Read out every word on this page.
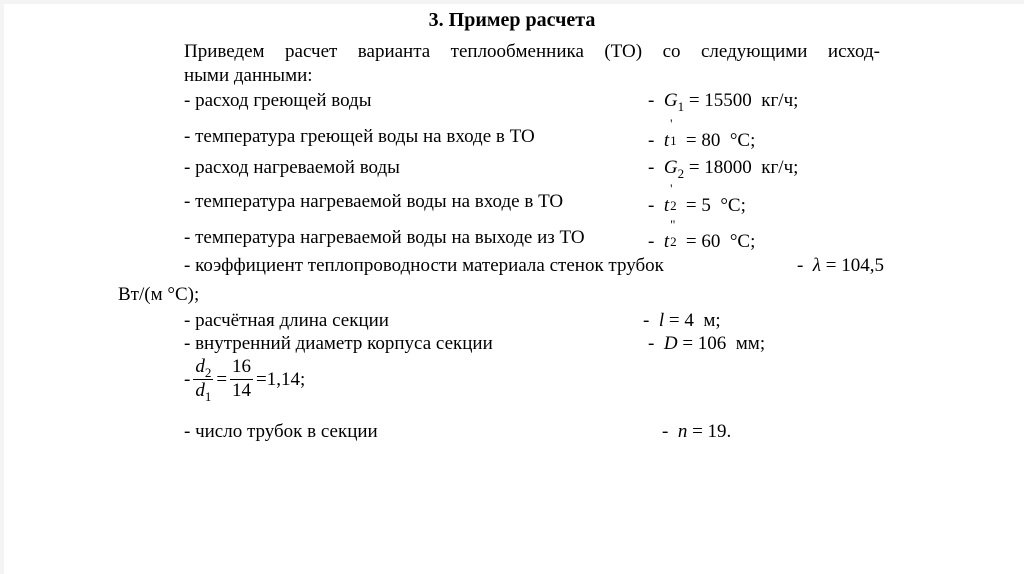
3. Пример расчета
Приведем расчет варианта теплообменника (ТО) со следующими исход-
ными данными:
- расход греющей воды	- $G_1 = 15500$ кг/ч;
- температура греющей воды на входе в ТО	- t
'
1 = 80 °C;
- расход нагреваемой воды	- $G_2 = 18000$ кг/ч;
- температура нагреваемой воды на входе в ТО	- t
'
2 = 5 °C;
- температура нагреваемой воды на выходе из ТО	- t
"
2 = 60 °C;
- коэффициент теплопроводности материала стенок трубок	- λ = 104,5
Вт/(м °С);
- расчётная длина секции	- l = 4 м;
- внутренний диаметр корпуса секции	- D = 106 мм;
- $\frac{d_2}{d_1} = \frac{16}{14} = 1,14$ ;
- число трубок в секции	- n = 19.
